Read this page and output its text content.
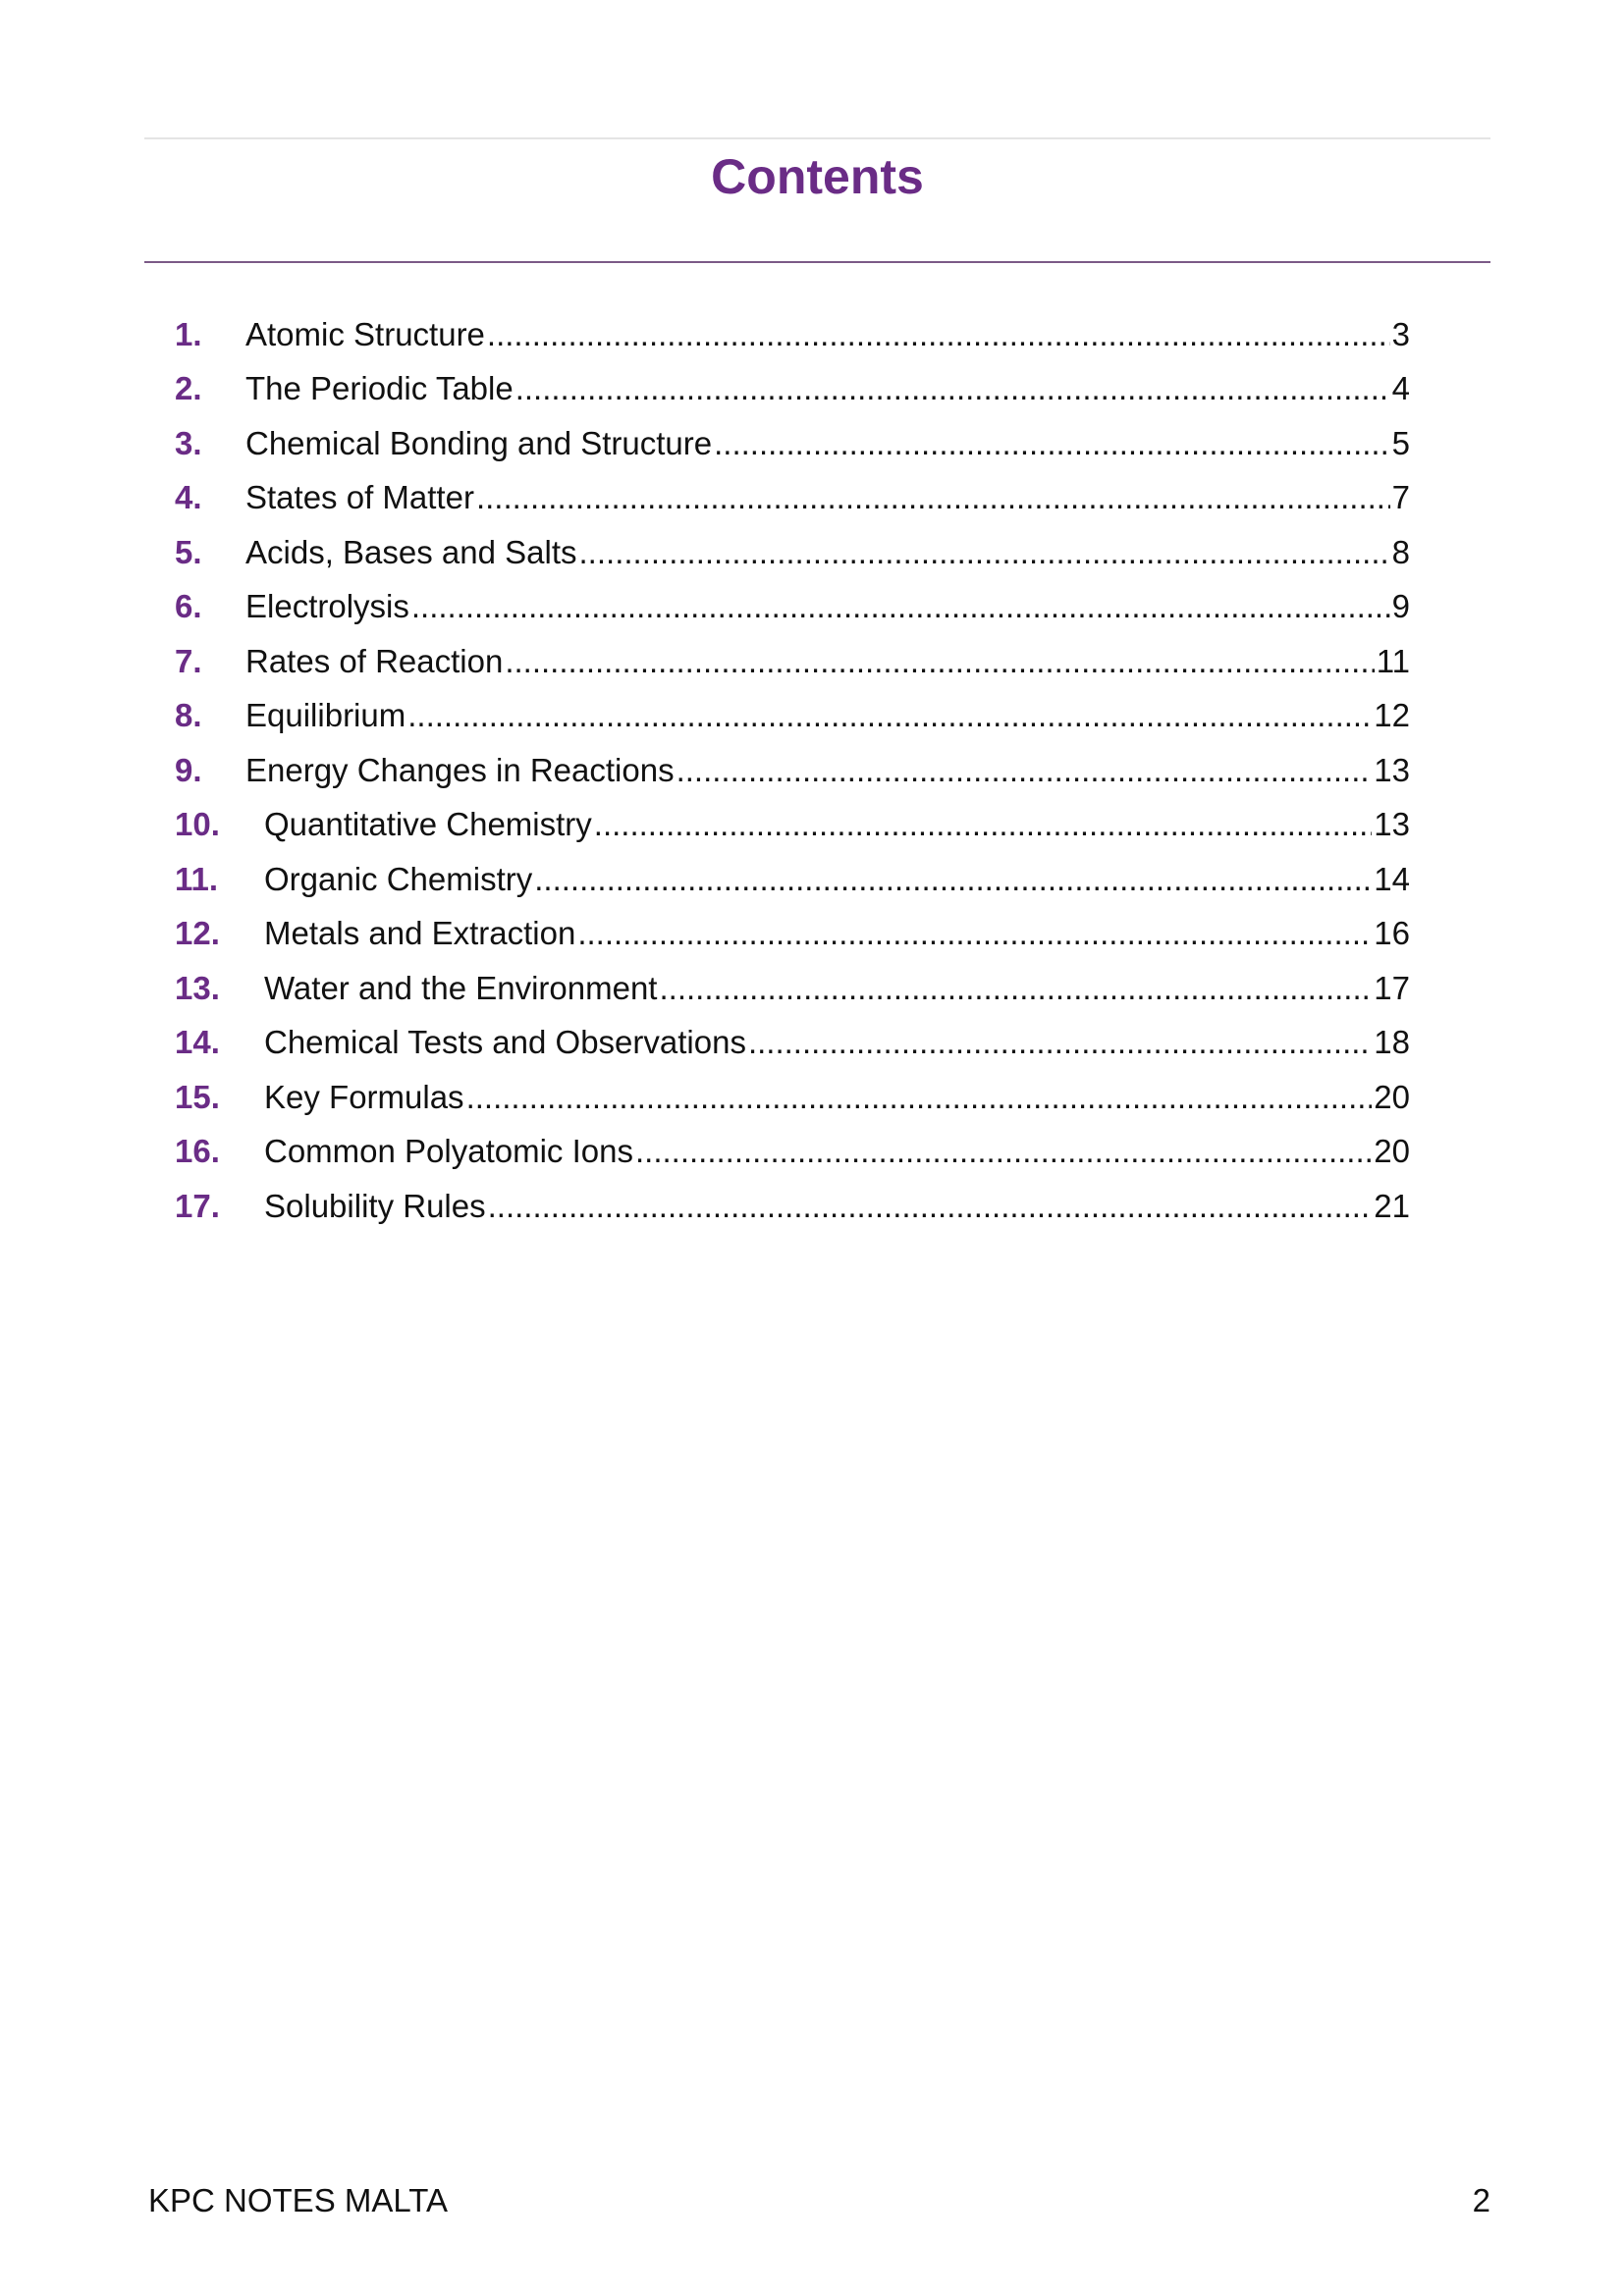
Contents
1.	Atomic Structure .....	3
2.	The Periodic Table .....	4
3.	Chemical Bonding and Structure .....	5
4.	States of Matter .....	7
5.	Acids, Bases and Salts .....	8
6.	Electrolysis .....	9
7.	Rates of Reaction .....	11
8.	Equilibrium .....	12
9.	Energy Changes in Reactions .....	13
10.	Quantitative Chemistry .....	13
11.	Organic Chemistry .....	14
12.	Metals and Extraction .....	16
13.	Water and the Environment .....	17
14.	Chemical Tests and Observations .....	18
15.	Key Formulas .....	20
16.	Common Polyatomic Ions .....	20
17.	Solubility Rules .....	21
KPC NOTES MALTA	2
